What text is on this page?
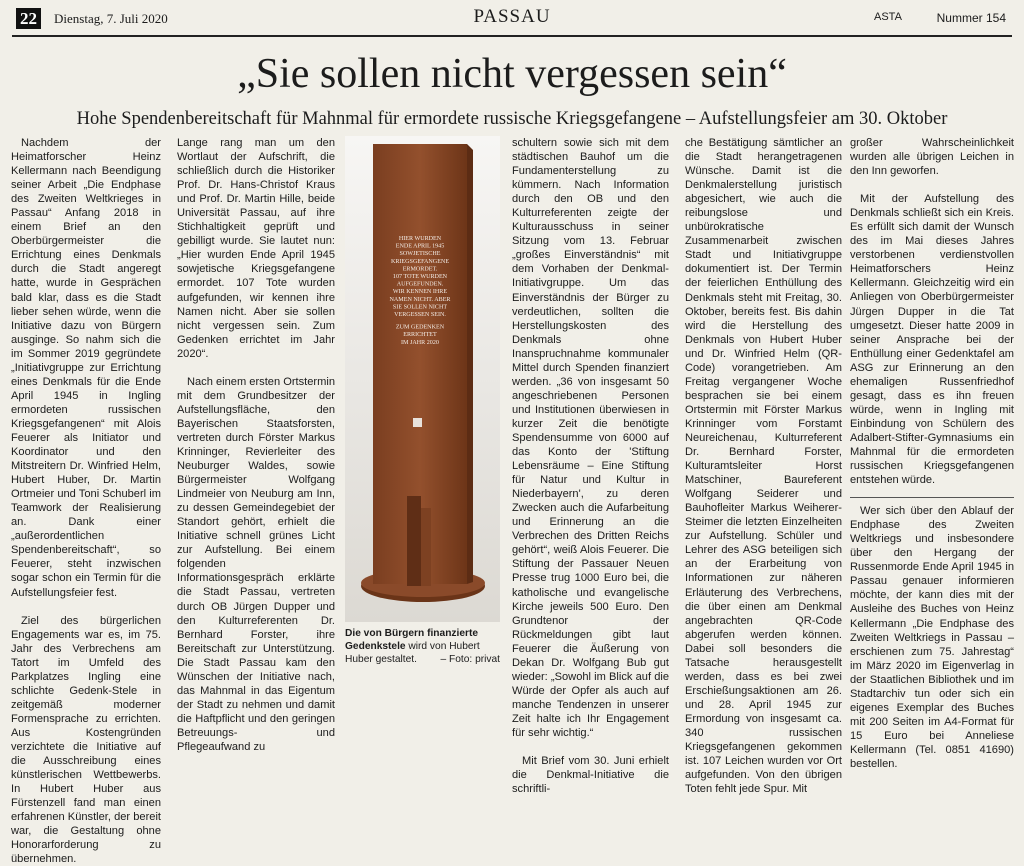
22	Dienstag, 7. Juli 2020	PASSAU	ASTA	Nummer 154
„Sie sollen nicht vergessen sein“
Hohe Spendenbereitschaft für Mahnmal für ermordete russische Kriegsgefangene – Aufstellungsfeier am 30. Oktober

Nachdem der Heimatforscher Heinz Kellermann nach Beendigung seiner Arbeit „Die Endphase des Zweiten Weltkrieges in Passau“ Anfang 2018 in einem Brief an den Oberbürgermeister die Errichtung eines Denkmals durch die Stadt angeregt hatte, wurde in Gesprächen bald klar, dass es die Stadt lieber sehen würde, wenn die Initiative dazu von Bürgern ausginge. So nahm sich die im Sommer 2019 gegründete „Initiativgruppe zur Errichtung eines Denkmals für die Ende April 1945 in Ingling ermordeten russischen Kriegsgefangenen“ mit Alois Feuerer als Initiator und Koordinator und den Mitstreitern Dr. Winfried Helm, Hubert Huber, Dr. Martin Ortmeier und Toni Schuberl im Teamwork der Realisierung an. Dank einer „außerordentlichen Spendenbereitschaft“, so Feuerer, steht inzwischen sogar schon ein Termin für die Aufstellungsfeier fest.

Ziel des bürgerlichen Engagements war es, im 75. Jahr des Verbrechens am Tatort im Umfeld des Parkplatzes Ingling eine schlichte Gedenk-Stele in zeitgemäß moderner Formensprache zu errichten. Aus Kostengründen verzichtete die Initiative auf die Ausschreibung eines künstlerischen Wettbewerbs. In Hubert Huber aus Fürstenzell fand man einen erfahrenen Künstler, der bereit war, die Gestaltung ohne Honorarforderung zu übernehmen.

Lange rang man um den Wortlaut der Aufschrift, die schließlich durch die Historiker Prof. Dr. Hans-Christof Kraus und Prof. Dr. Martin Hille, beide Universität Passau, auf ihre Stichhaltigkeit geprüft und gebilligt wurde. Sie lautet nun: „Hier wurden Ende April 1945 sowjetische Kriegsgefangene ermordet. 107 Tote wurden aufgefunden, wir kennen ihre Namen nicht. Aber sie sollen nicht vergessen sein. Zum Gedenken errichtet im Jahr 2020“.

Nach einem ersten Ortstermin mit dem Grundbesitzer der Aufstellungsfläche, den Bayerischen Staatsforsten, vertreten durch Förster Markus Krinninger, Revierleiter des Neuburger Waldes, sowie Bürgermeister Wolfgang Lindmeier von Neuburg am Inn, zu dessen Gemeindegebiet der Standort gehört, erhielt die Initiative schnell grünes Licht zur Aufstellung. Bei einem folgenden Informationsgespräch erklärte die Stadt Passau, vertreten durch OB Jürgen Dupper und den Kulturreferenten Dr. Bernhard Forster, ihre Bereitschaft zur Unterstützung. Die Stadt Passau kam den Wünschen der Initiative nach, das Mahnmal in das Eigentum der Stadt zu nehmen und damit die Haftpflicht und den geringen Betreuungs- und Pflegeaufwand zu

HIER WURDEN
ENDE APRIL 1945
SOWJETISCHE
KRIEGSGEFANGENE
ERMORDET.
107 TOTE WURDEN
AUFGEFUNDEN.
WIR KENNEN IHRE
NAMEN NICHT. ABER
SIE SOLLEN NICHT
VERGESSEN SEIN.
ZUM GEDENKEN
ERRICHTET
IM JAHR 2020
Die von Bürgern finanzierte Gedenkstele wird von Hubert Huber gestaltet. – Foto: privat

schultern sowie sich mit dem städtischen Bauhof um die Fundamenterstellung zu kümmern. Nach Information durch den OB und den Kulturreferenten zeigte der Kulturausschuss in seiner Sitzung vom 13. Februar „großes Einverständnis“ mit dem Vorhaben der Denkmal-Initiativgruppe. Um das Einverständnis der Bürger zu verdeutlichen, sollten die Herstellungskosten des Denkmals ohne Inanspruchnahme kommunaler Mittel durch Spenden finanziert werden. „36 von insgesamt 50 angeschriebenen Personen und Institutionen überwiesen in kurzer Zeit die benötigte Spendensumme von 6000 auf das Konto der 'Stiftung Lebensräume – Eine Stiftung für Natur und Kultur in Niederbayern', zu deren Zwecken auch die Aufarbeitung und Erinnerung an die Verbrechen des Dritten Reichs gehört“, weiß Alois Feuerer. Die Stiftung der Passauer Neuen Presse trug 1000 Euro bei, die katholische und evangelische Kirche jeweils 500 Euro. Den Grundtenor der Rückmeldungen gibt laut Feuerer die Äußerung von Dekan Dr. Wolfgang Bub gut wieder: „Sowohl im Blick auf die Würde der Opfer als auch auf manche Tendenzen in unserer Zeit halte ich Ihr Engagement für sehr wichtig.“

Mit Brief vom 30. Juni erhielt die Denkmal-Initiative die schriftli-

che Bestätigung sämtlicher an die Stadt herangetragenen Wünsche. Damit ist die Denkmalerstellung juristisch abgesichert, wie auch die reibungslose und unbürokratische Zusammenarbeit zwischen Stadt und Initiativgruppe dokumentiert ist. Der Termin der feierlichen Enthüllung des Denkmals steht mit Freitag, 30. Oktober, bereits fest. Bis dahin wird die Herstellung des Denkmals von Hubert Huber und Dr. Winfried Helm (QR-Code) vorangetrieben. Am Freitag vergangener Woche besprachen sie bei einem Ortstermin mit Förster Markus Krinninger vom Forstamt Neureichenau, Kulturreferent Dr. Bernhard Forster, Kulturamtsleiter Horst Matschiner, Baureferent Wolfgang Seiderer und Bauhofleiter Markus Weiherer-Steimer die letzten Einzelheiten zur Aufstellung. Schüler und Lehrer des ASG beteiligen sich an der Erarbeitung von Informationen zur näheren Erläuterung des Verbrechens, die über einen am Denkmal angebrachten QR-Code abgerufen werden können. Dabei soll besonders die Tatsache herausgestellt werden, dass es bei zwei Erschießungsaktionen am 26. und 28. April 1945 zur Ermordung von insgesamt ca. 340 russischen Kriegsgefangenen gekommen ist. 107 Leichen wurden vor Ort aufgefunden. Von den übrigen Toten fehlt jede Spur. Mit

großer Wahrscheinlichkeit wurden alle übrigen Leichen in den Inn geworfen.

Mit der Aufstellung des Denkmals schließt sich ein Kreis. Es erfüllt sich damit der Wunsch des im Mai dieses Jahres verstorbenen verdienstvollen Heimatforschers Heinz Kellermann. Gleichzeitig wird ein Anliegen von Oberbürgermeister Jürgen Dupper in die Tat umgesetzt. Dieser hatte 2009 in seiner Ansprache bei der Enthüllung einer Gedenktafel am ASG zur Erinnerung an den ehemaligen Russenfriedhof gesagt, dass es ihn freuen würde, wenn in Ingling mit Einbindung von Schülern des Adalbert-Stifter-Gymnasiums ein Mahnmal für die ermordeten russischen Kriegsgefangenen entstehen würde.

Wer sich über den Ablauf der Endphase des Zweiten Weltkriegs und insbesondere über den Hergang der Russenmorde Ende April 1945 in Passau genauer informieren möchte, der kann dies mit der Ausleihe des Buches von Heinz Kellermann „Die Endphase des Zweiten Weltkriegs in Passau – erschienen zum 75. Jahrestag“ im März 2020 im Eigenverlag in der Staatlichen Bibliothek und im Stadtarchiv tun oder sich ein eigenes Exemplar des Buches mit 200 Seiten im A4-Format für 15 Euro bei Anneliese Kellermann (Tel. 0851 41690) bestellen.
